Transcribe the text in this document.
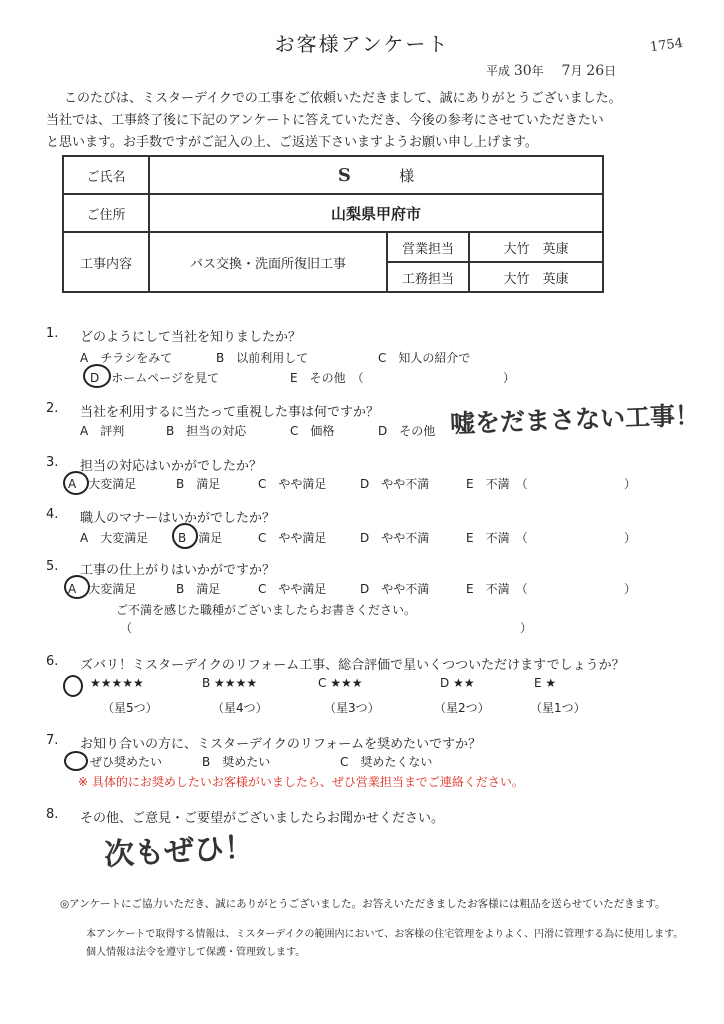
お客様アンケート	1754
平成 30年 7月 26日
このたびは、ミスターデイクでの工事をご依頼いただきまして、誠にありがとうございました。
当社では、工事終了後に下記のアンケートに答えていただき、今後の参考にさせていただきたい
と思います。お手数ですがご記入の上、ご返送下さいますようお願い申し上げます。
ご氏名	S 様		
ご住所	山梨県甲府市		
工事内容	バス交換・洗面所復旧工事	営業担当	大竹　英康
		工務担当	大竹　英康
1. どのようにして当社を知りましたか？
A　チラシをみて	B　以前利用して	C　知人の紹介で
D　ホームページを見て	E　その他　（	）
2. 当社を利用するに当たって重視した事は何ですか？
A　評判	B　担当の対応	C　価格	D　その他 嘘をだまさない工事！
3. 担当の対応はいかがでしたか？
A　大変満足	B　満足	C　やや満足	D　やや不満	E　不満　（	）
4. 職人のマナーはいかがでしたか？
A　大変満足 B　満足	C　やや満足	D　やや不満	E　不満　（	）
5. 工事の仕上がりはいかがですか？
A　大変満足	B　満足	C　やや満足	D　やや不満	E　不満　（	）
ご不満を感じた職種がございましたらお書きください。
（	）
6. ズバリ！ミスターデイクのリフォーム工事、総合評価で星いくつついただけますでしょうか？
★★★★★	B ★★★★	C ★★★	D ★★	E ★
（星5つ）	（星4つ）	（星3つ）	（星2つ）	（星1つ）
7. お知り合いの方に、ミスターデイクのリフォームを奨めたいですか？
ぜひ奨めたい	B　奨めたい	C　奨めたくない
※ 具体的にお奨めしたいお客様がいましたら、ぜひ営業担当までご連絡ください。
8. その他、ご意見・ご要望がございましたらお聞かせください。
次もぜひ！
◎アンケートにご協力いただき、誠にありがとうございました。お答えいただきましたお客様には粗品を送らせていただきます。
本アンケートで取得する情報は、ミスターデイクの範囲内において、お客様の住宅管理をよりよく、円滑に管理する為に使用します。
個人情報は法令を遵守して保護・管理致します。
